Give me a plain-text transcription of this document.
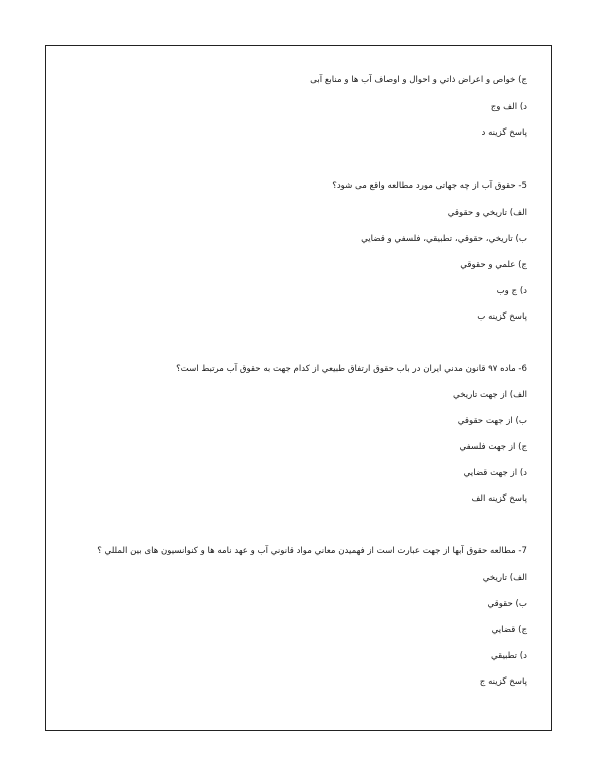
ج) خواص و اعراض ذاتي و احوال و اوصاف آب ها و منابع آبی
د) الف وج
پاسخ گزینه د
5- حقوق آب از چه جهاتی مورد مطالعه واقع می شود؟
الف) تاریخي و حقوقي
ب) تاریخي، حقوقي، تطبیقي، فلسفي و قضایي
ج) علمي و حقوقي
د) ج وب
پاسخ گزینه ب
6- ماده ۹۷ قانون مدني ایران در باب حقوق ارتفاق طبیعي از کدام جهت به حقوق آب مرتبط است؟
الف) از جهت تاریخي
ب) از جهت حقوقي
ج) از جهت فلسفي
د) از جهت قضایي
پاسخ گزینه الف
7- مطالعه حقوق آبها از جهت عبارت است از فهمیدن معاني مواد قانوني آب و عهد نامه ها و کنوانسیون های بین المللي ؟
الف) تاریخي
ب) حقوقي
ج) قضایي
د) تطبیقي
پاسخ گزینه ج
